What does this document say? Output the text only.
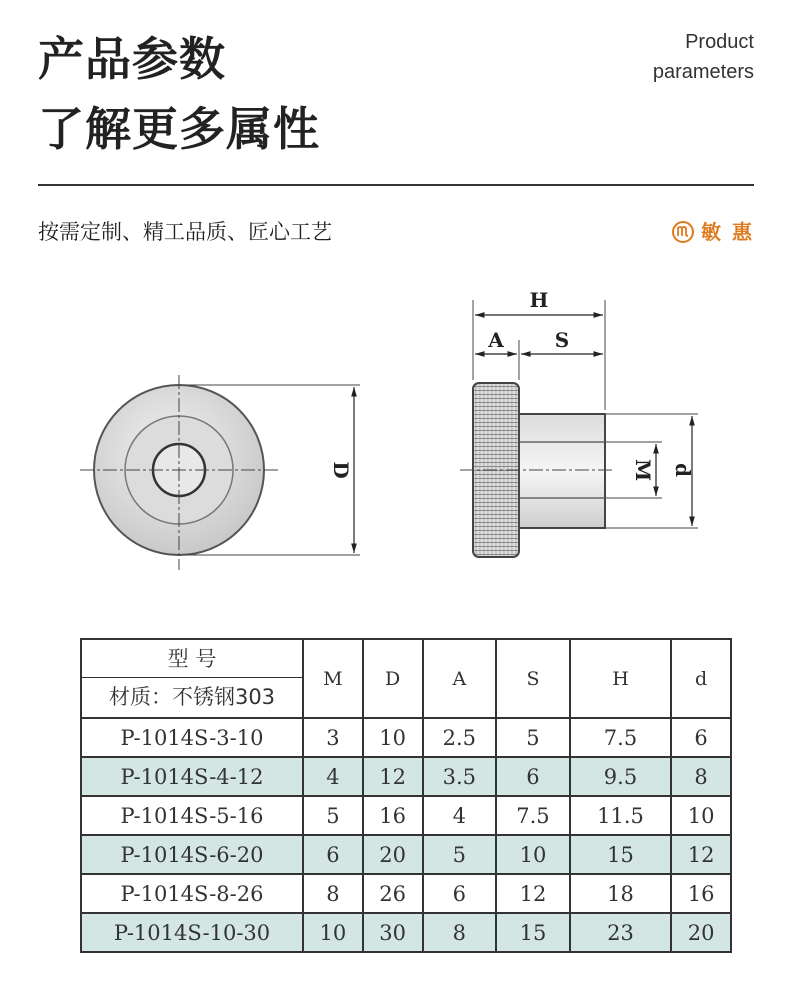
产品参数
了解更多属性
Product
parameters
按需定制、精工品质、匠心工艺	敏 惠
D
H
A	S
M d
型 号
材质：不锈钢303	M	D	A	S	H	d
P-1014S-3-10	3	10	2.5	5	7.5	6
P-1014S-4-12	4	12	3.5	6	9.5	8
P-1014S-5-16	5	16	4	7.5	11.5	10
P-1014S-6-20	6	20	5	10	15	12
P-1014S-8-26	8	26	6	12	18	16
P-1014S-10-30	10	30	8	15	23	20
